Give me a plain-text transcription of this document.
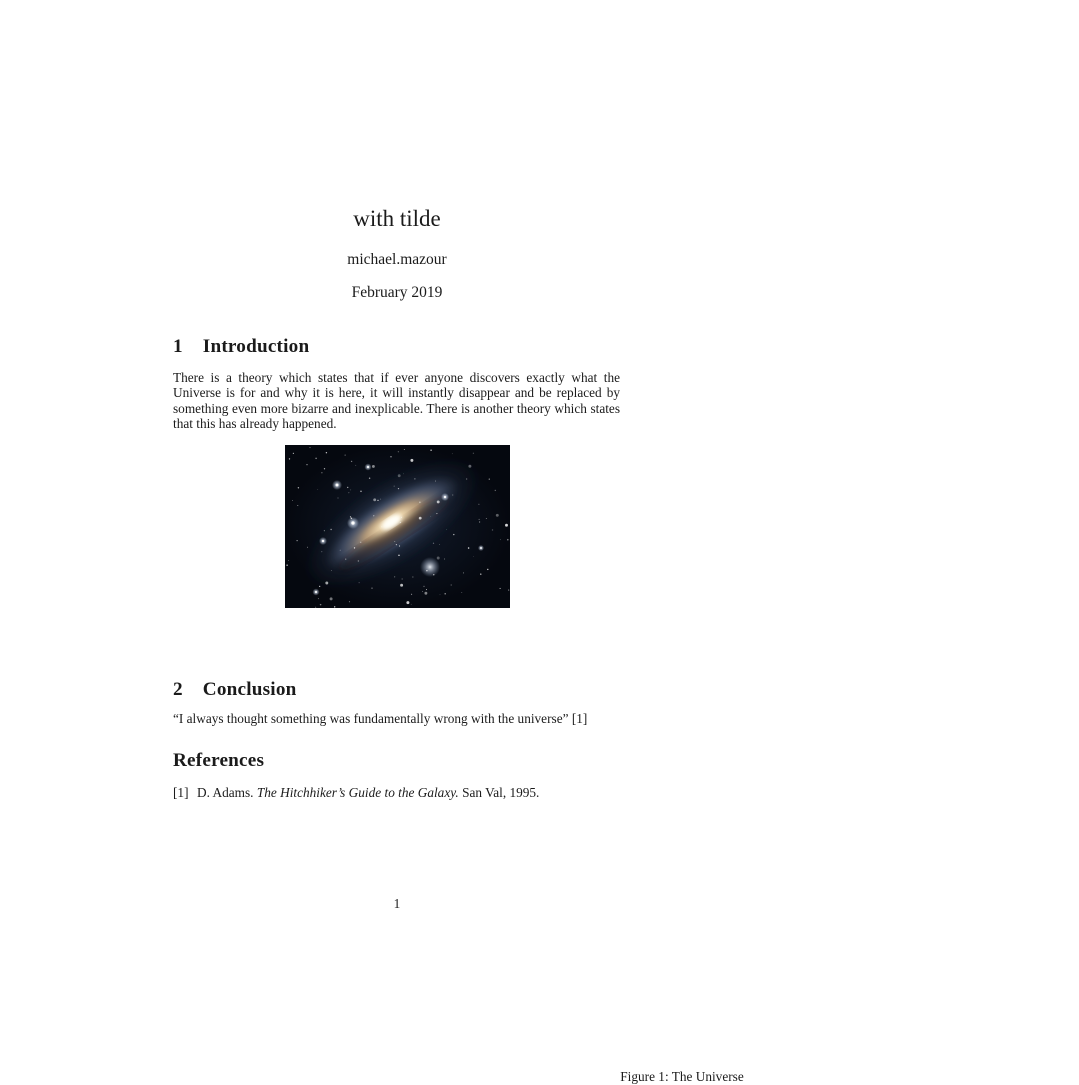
with tilde
michael.mazour
February 2019
1 Introduction

There is a theory which states that if ever anyone discovers exactly what the Universe is for and why it is here, it will instantly disappear and be replaced by something even more bizarre and inexplicable. There is another theory which states that this has already happened.

Figure 1: The Universe
2 Conclusion

“I always thought something was fundamentally wrong with the universe” [1]

References

[1] D. Adams. The Hitchhiker’s Guide to the Galaxy. San Val, 1995.

1
